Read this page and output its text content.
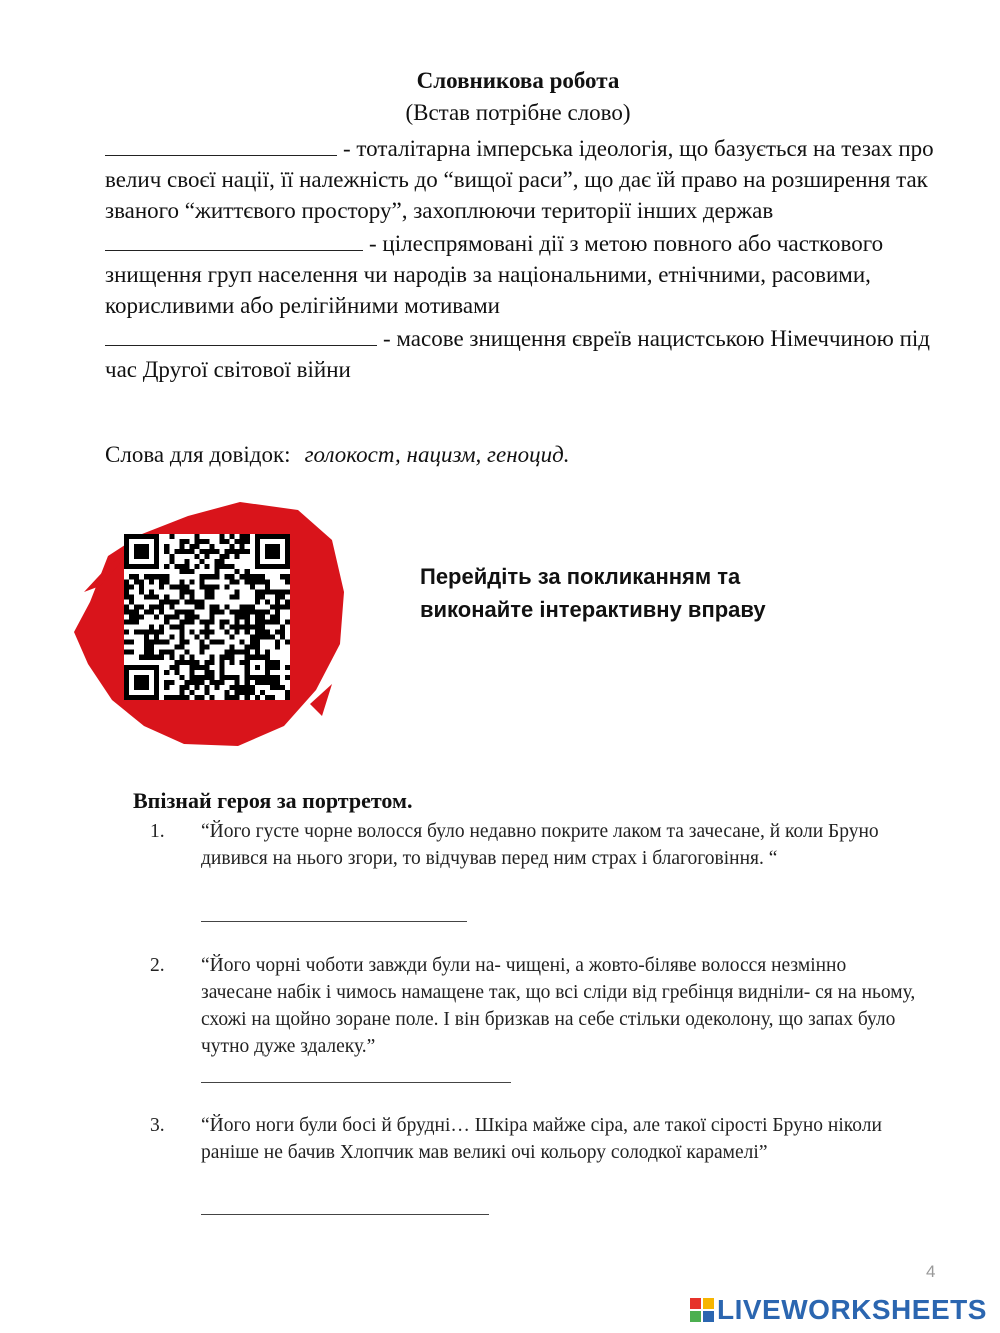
Словникова робота
(Встав потрібне слово)
- тоталітарна імперська ідеологія, що базується на тезах про велич своєї нації, її належність до “вищої раси”, що дає їй право на розширення так званого “життєвого простору”, захоплюючи території інших держав
- цілеспрямовані дії з метою повного або часткового знищення груп населення чи народів за національними, етнічними, расовими, корисливими або релігійними мотивами
- масове знищення євреїв нацистською Німеччиною під час Другої світової війни
Слова для довідок: голокост, нацизм, геноцид.
Перейдіть за покликанням та
виконайте інтерактивну вправу
Впізнай героя за портретом.
1. “Його густе чорне волосся було недавно покрите лаком та зачесане, й коли Бруно дивився на нього згори, то відчував перед ним страх і благоговіння. “
2. “Його чорні чоботи завжди були на- чищені, а жовто-біляве волосся незмінно зачесане набік і чимось намащене так, що всі сліди від гребінця видніли- ся на ньому, схожі на щойно зоране поле. І він бризкав на себе стільки одеколону, що запах було чутно дуже здалеку.”
3. “Його ноги були босі й брудні… Шкіра майже сіра, але такої сірості Бруно ніколи раніше не бачив Хлопчик мав великі очі кольору солодкої карамелі”
4
LIVEWORKSHEETS
